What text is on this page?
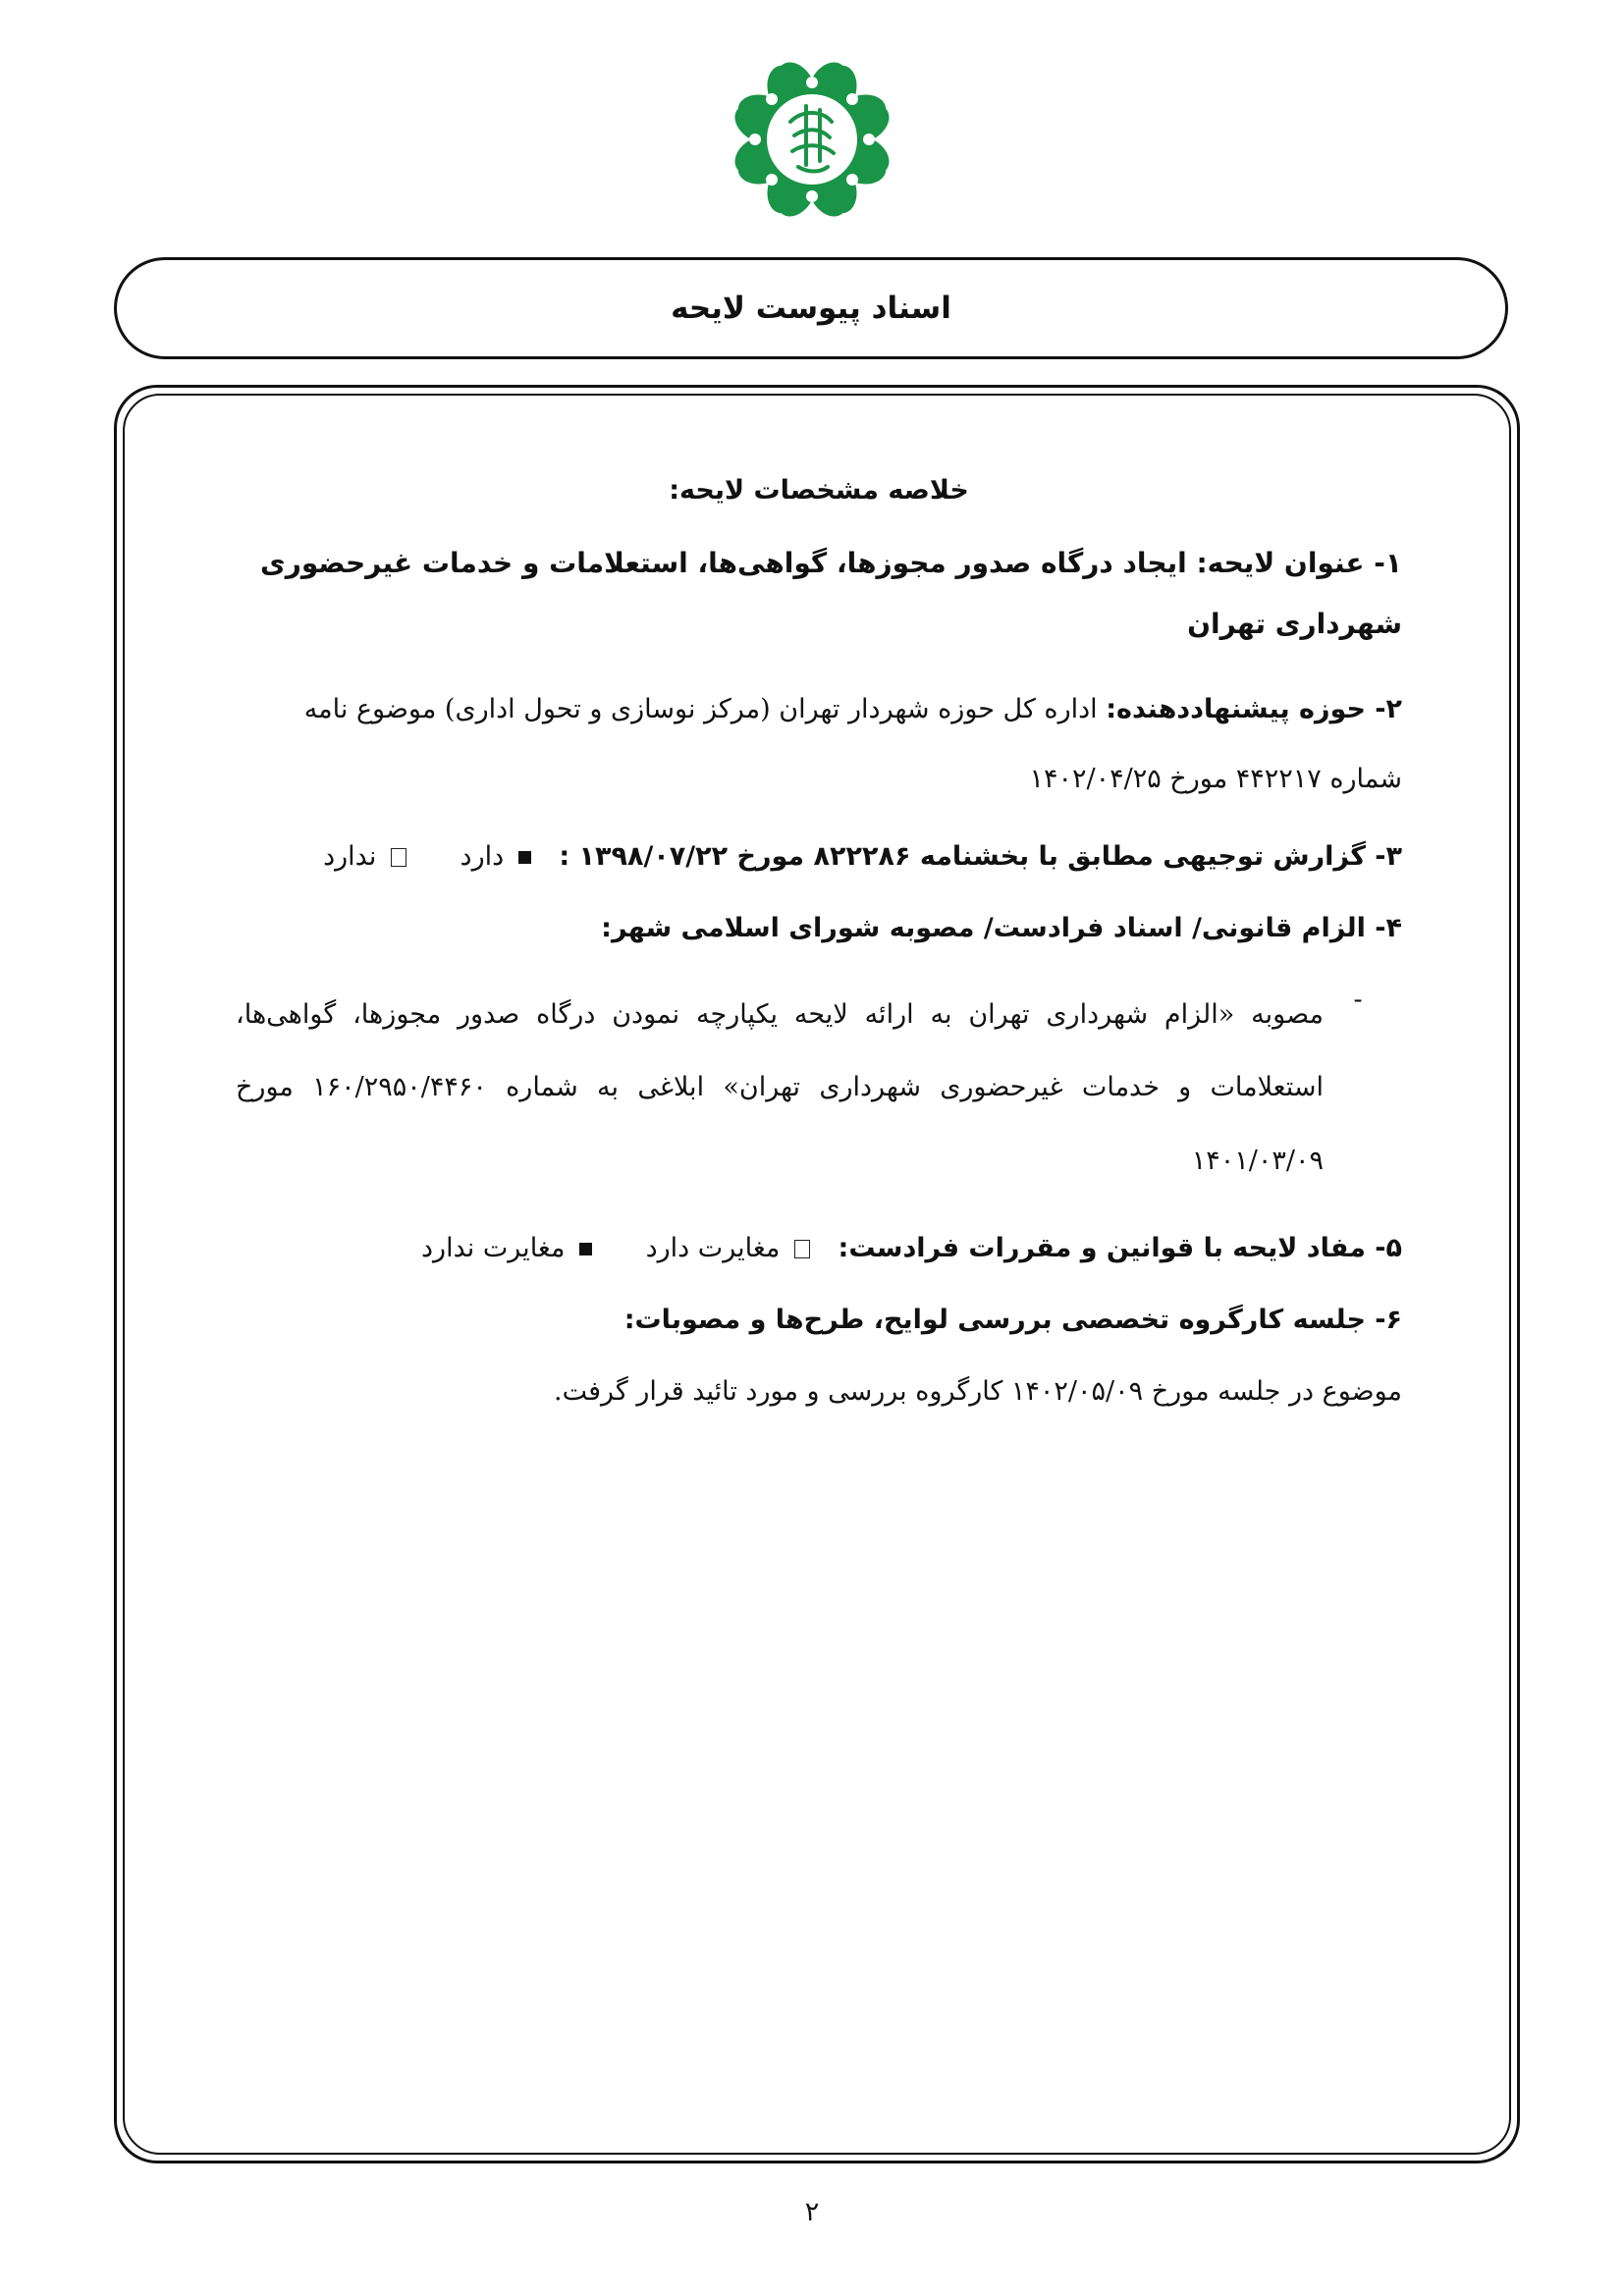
اسناد پیوست لایحه
خلاصه مشخصات لایحه:
۱- عنوان لایحه: ایجاد درگاه صدور مجوزها، گواهی‌ها، استعلامات و خدمات غیرحضوری شهرداری تهران
۲- حوزه پیشنهاددهنده: اداره کل حوزه شهردار تهران (مرکز نوسازی و تحول اداری) موضوع نامه شماره ۴۴۲۲۱۷ مورخ ۱۴۰۲/۰۴/۲۵
۳- گزارش توجیهی مطابق با بخشنامه ۸۲۲۲۸۶ مورخ ۱۳۹۸/۰۷/۲۲ :  دارد  ندارد
۴- الزام قانونی/ اسناد فرادست/ مصوبه شورای اسلامی شهر:
-
مصوبه «الزام شهرداری تهران به ارائه لایحه یکپارچه نمودن درگاه صدور مجوزها، گواهی‌ها، استعلامات و خدمات غیرحضوری شهرداری تهران» ابلاغی به شماره ۱۶۰/۲۹۵۰/۴۴۶۰ مورخ ۱۴۰۱/۰۳/۰۹
۵- مفاد لایحه با قوانین و مقررات فرادست:  مغایرت دارد  مغایرت ندارد
۶- جلسه کارگروه تخصصی بررسی لوایح، طرح‌ها و مصوبات:
موضوع در جلسه مورخ ۱۴۰۲/۰۵/۰۹ کارگروه بررسی و مورد تائید قرار گرفت.
۲
